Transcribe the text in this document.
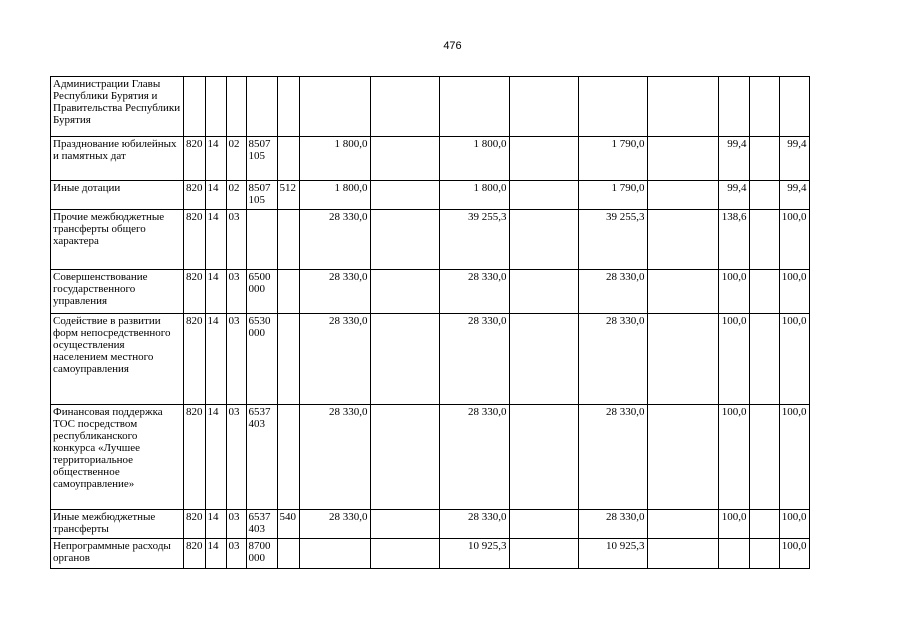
476
Администрации Главы Республики Бурятия и Правительства Республики Бурятия														
Празднование юбилейных и памятных дат	820	14	02	8507 105		1 800,0		1 800,0		1 790,0		99,4		99,4
Иные дотации	820	14	02	8507 105	512	1 800,0		1 800,0		1 790,0		99,4		99,4
Прочие межбюджетные трансферты общего характера	820	14	03			28 330,0		39 255,3		39 255,3		138,6		100,0
Совершенствование государственного управления	820	14	03	6500 000		28 330,0		28 330,0		28 330,0		100,0		100,0
Содействие в развитии форм непосредственного осуществления населением местного самоуправления	820	14	03	6530 000		28 330,0		28 330,0		28 330,0		100,0		100,0
Финансовая поддержка ТОС посредством республиканского конкурса «Лучшее территориальное общественное самоуправление»	820	14	03	6537 403		28 330,0		28 330,0		28 330,0		100,0		100,0
Иные межбюджетные трансферты	820	14	03	6537 403	540	28 330,0		28 330,0		28 330,0		100,0		100,0
Непрограммные расходы органов	820	14	03	8700 000				10 925,3		10 925,3				100,0
